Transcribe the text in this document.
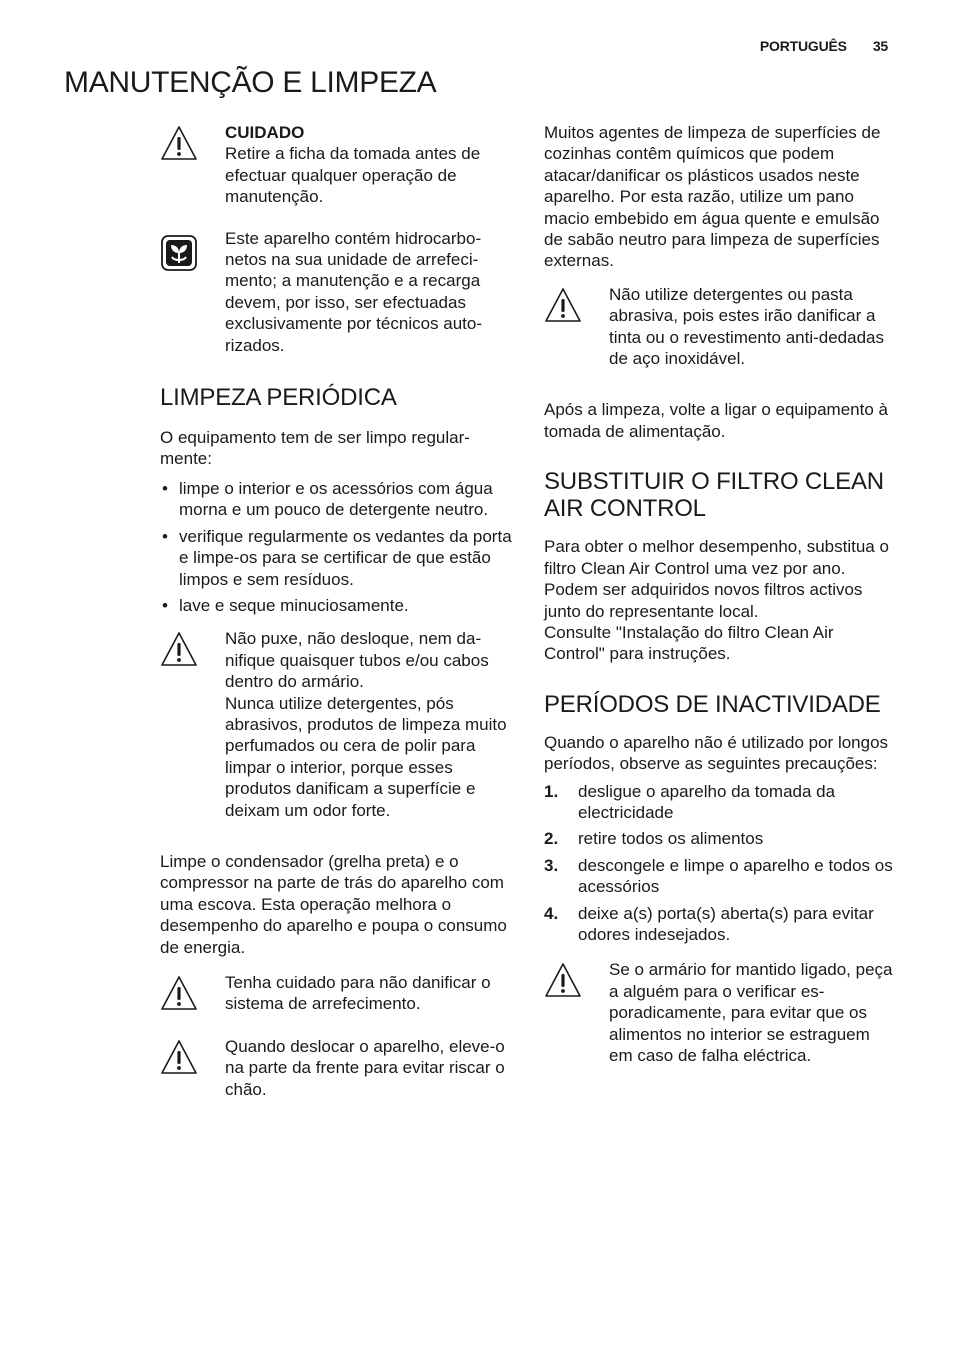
PORTUGUÊS 35
MANUTENÇÃO E LIMPEZA
CUIDADO

Retire a ficha da tomada antes de efectuar qualquer operação de manutenção.

Este aparelho contém hidrocarbonetos na sua unidade de arrefecimento; a manutenção e a recarga devem, por isso, ser efectuadas exclusivamente por técnicos autorizados.

LIMPEZA PERIÓDICA

O equipamento tem de ser limpo regularmente:

• limpe o interior e os acessórios com água morna e um pouco de detergente neutro.
• verifique regularmente os vedantes da porta e limpe-os para se certificar de que estão limpos e sem resíduos.
• lave e seque minuciosamente.
Não puxe, não desloque, nem danifique quaisquer tubos e/ou cabos dentro do armário.
Nunca utilize detergentes, pós abrasivos, produtos de limpeza muito perfumados ou cera de polir para limpar o interior, porque esses produtos danificam a superfície e deixam um odor forte.

Limpe o condensador (grelha preta) e o compressor na parte de trás do aparelho com uma escova. Esta operação melhora o desempenho do aparelho e poupa o consumo de energia.

Tenha cuidado para não danificar o sistema de arrefecimento.

Quando deslocar o aparelho, eleve-o na parte da frente para evitar riscar o chão.

Muitos agentes de limpeza de superfícies de cozinhas contêm químicos que podem atacar/danificar os plásticos usados neste aparelho. Por esta razão, utilize um pano macio embebido em água quente e emulsão de sabão neutro para limpeza de superfícies externas.

Não utilize detergentes ou pasta abrasiva, pois estes irão danificar a tinta ou o revestimento anti-dedadas de aço inoxidável.

Após a limpeza, volte a ligar o equipamento à tomada de alimentação.

SUBSTITUIR O FILTRO CLEAN AIR CONTROL

Para obter o melhor desempenho, substitua o filtro Clean Air Control uma vez por ano.

Podem ser adquiridos novos filtros activos junto do representante local.

Consulte "Instalação do filtro Clean Air Control" para instruções.

PERÍODOS DE INACTIVIDADE

Quando o aparelho não é utilizado por longos períodos, observe as seguintes precauções:

1. desligue o aparelho da tomada da electricidade
2. retire todos os alimentos
3. descongele e limpe o aparelho e todos os acessórios
4. deixe a(s) porta(s) aberta(s) para evitar odores indesejados.

Se o armário for mantido ligado, peça a alguém para o verificar esporadicamente, para evitar que os alimentos no interior se estraguem em caso de falha eléctrica.
